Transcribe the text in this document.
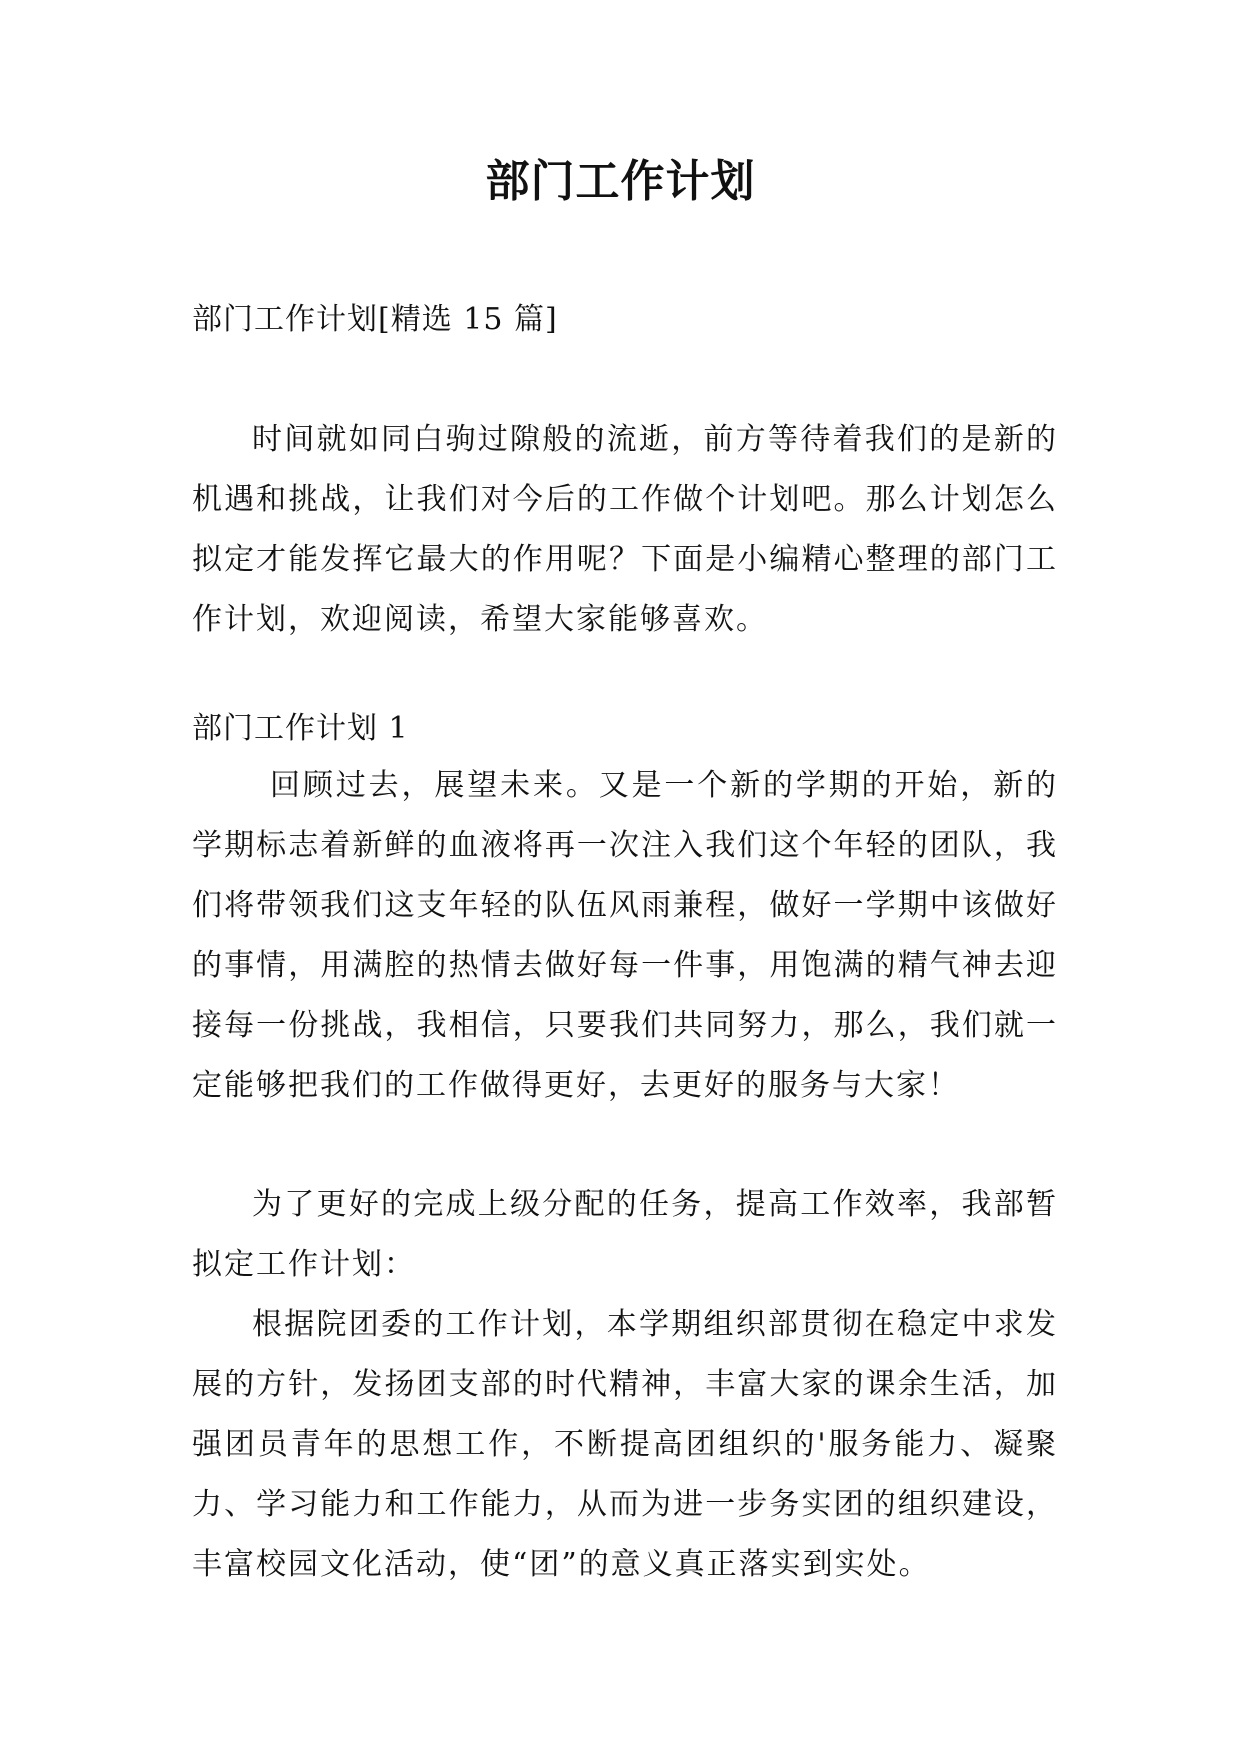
部门工作计划

部门工作计划[精选 15 篇]

时间就如同白驹过隙般的流逝，前方等待着我们的是新的机遇和挑战，让我们对今后的工作做个计划吧。那么计划怎么拟定才能发挥它最大的作用呢？下面是小编精心整理的部门工作计划，欢迎阅读，希望大家能够喜欢。

部门工作计划 1

回顾过去，展望未来。又是一个新的学期的开始，新的学期标志着新鲜的血液将再一次注入我们这个年轻的团队，我们将带领我们这支年轻的队伍风雨兼程，做好一学期中该做好的事情，用满腔的热情去做好每一件事，用饱满的精气神去迎接每一份挑战，我相信，只要我们共同努力，那么，我们就一定能够把我们的工作做得更好，去更好的服务与大家！

为了更好的完成上级分配的任务，提高工作效率，我部暂拟定工作计划：

根据院团委的工作计划，本学期组织部贯彻在稳定中求发展的方针，发扬团支部的时代精神，丰富大家的课余生活，加强团员青年的思想工作，不断提高团组织的'服务能力、凝聚力、学习能力和工作能力，从而为进一步务实团的组织建设，丰富校园文化活动，使“团”的意义真正落实到实处。
